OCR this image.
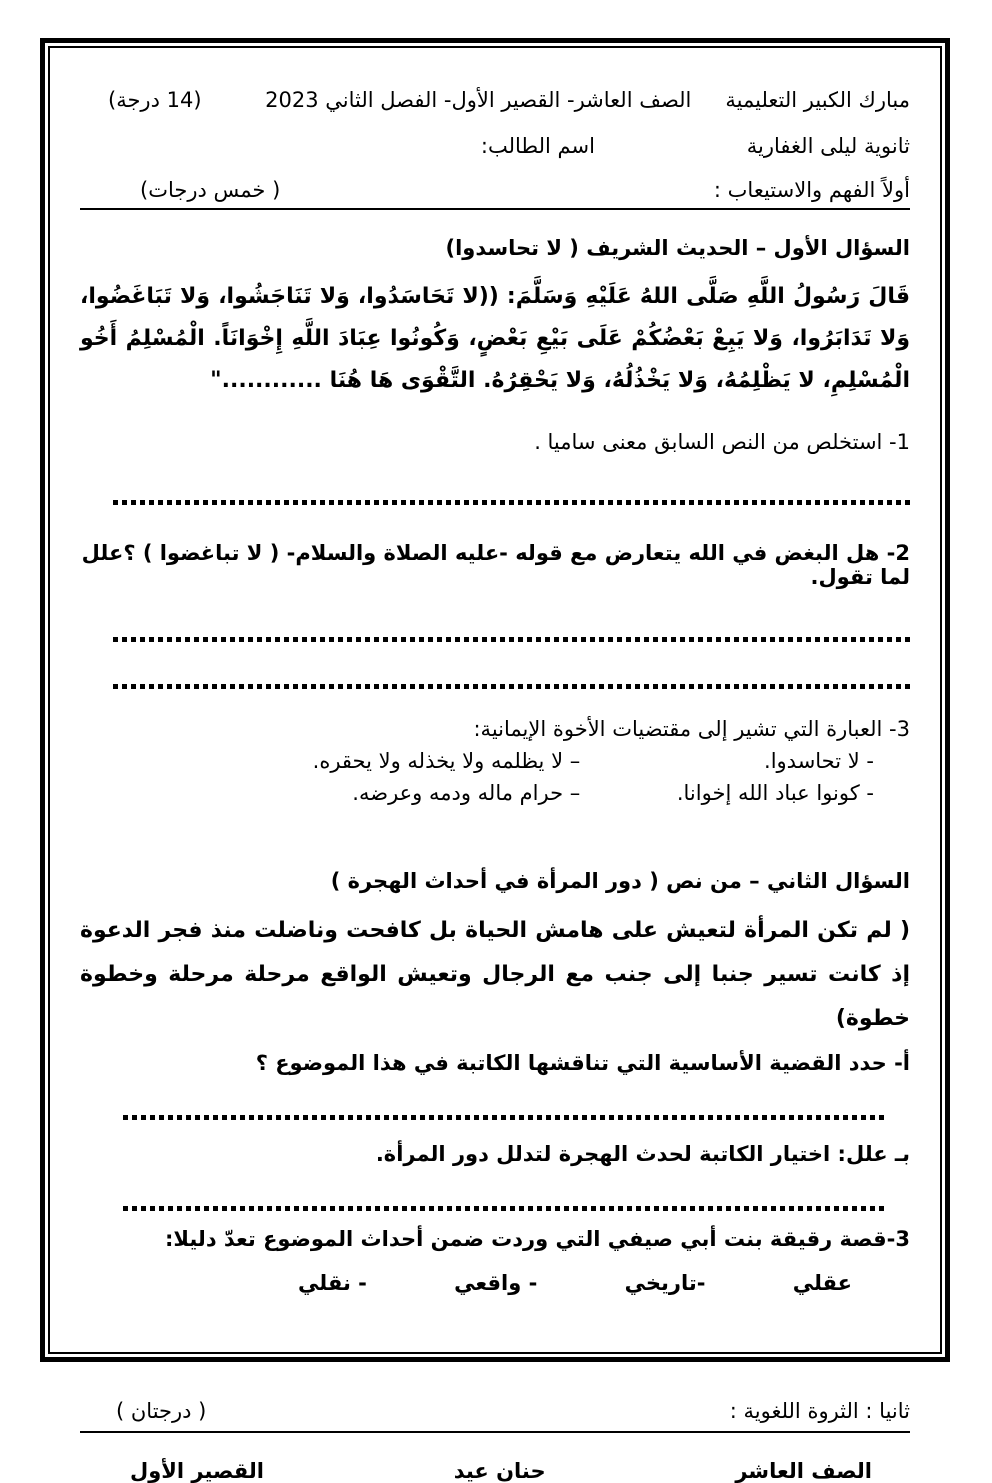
مبارك الكبير التعليمية
الصف العاشر- القصير الأول- الفصل الثاني 2023
(14 درجة)
ثانوية ليلى الغفارية
اسم الطالب:
أولاً الفهم والاستيعاب :
( خمس درجات)
السؤال الأول – الحديث الشريف ( لا تحاسدوا)
قَالَ رَسُولُ اللَّهِ صَلَّى اللهُ عَلَيْهِ وَسَلَّمَ: ((لا تَحَاسَدُوا، وَلا تَنَاجَشُوا، وَلا تَبَاغَضُوا، وَلا تَدَابَرُوا، وَلا يَبِعْ بَعْضُكُمْ عَلَى بَيْعِ بَعْضٍ، وَكُونُوا عِبَادَ اللَّهِ إِخْوَانَاً. الْمُسْلِمُ أَخُو الْمُسْلِمِ، لا يَظْلِمُهُ، وَلا يَخْذُلُهُ، وَلا يَحْقِرُهُ. التَّقْوَى هَا هُنَا ............"
1- استخلص من النص السابق معنى ساميا .
2- هل البغض في الله يتعارض مع قوله -عليه الصلاة والسلام- ( لا تباغضوا ) ؟علل لما تقول.
3- العبارة التي تشير إلى مقتضيات الأخوة الإيمانية:
- لا تحاسدوا.
– لا يظلمه ولا يخذله ولا يحقره.
- كونوا عباد الله إخوانا.
– حرام ماله ودمه وعرضه.
السؤال الثاني – من نص ( دور المرأة في أحداث الهجرة )
( لم تكن المرأة لتعيش على هامش الحياة بل كافحت وناضلت منذ فجر الدعوة إذ كانت تسير جنبا إلى جنب مع الرجال وتعيش الواقع مرحلة مرحلة وخطوة خطوة)
أ- حدد القضية الأساسية التي تناقشها الكاتبة في هذا الموضوع ؟
بـ علل: اختيار الكاتبة لحدث الهجرة لتدلل دور المرأة.
3-قصة رقيقة بنت أبي صيفي التي وردت ضمن أحداث الموضوع تعدّ دليلا:
عقلي
-تاريخي
- واقعي
- نقلي
ثانيا : الثروة اللغوية :
( درجتان )
الصف العاشر
حنان عيد
القصير الأول
